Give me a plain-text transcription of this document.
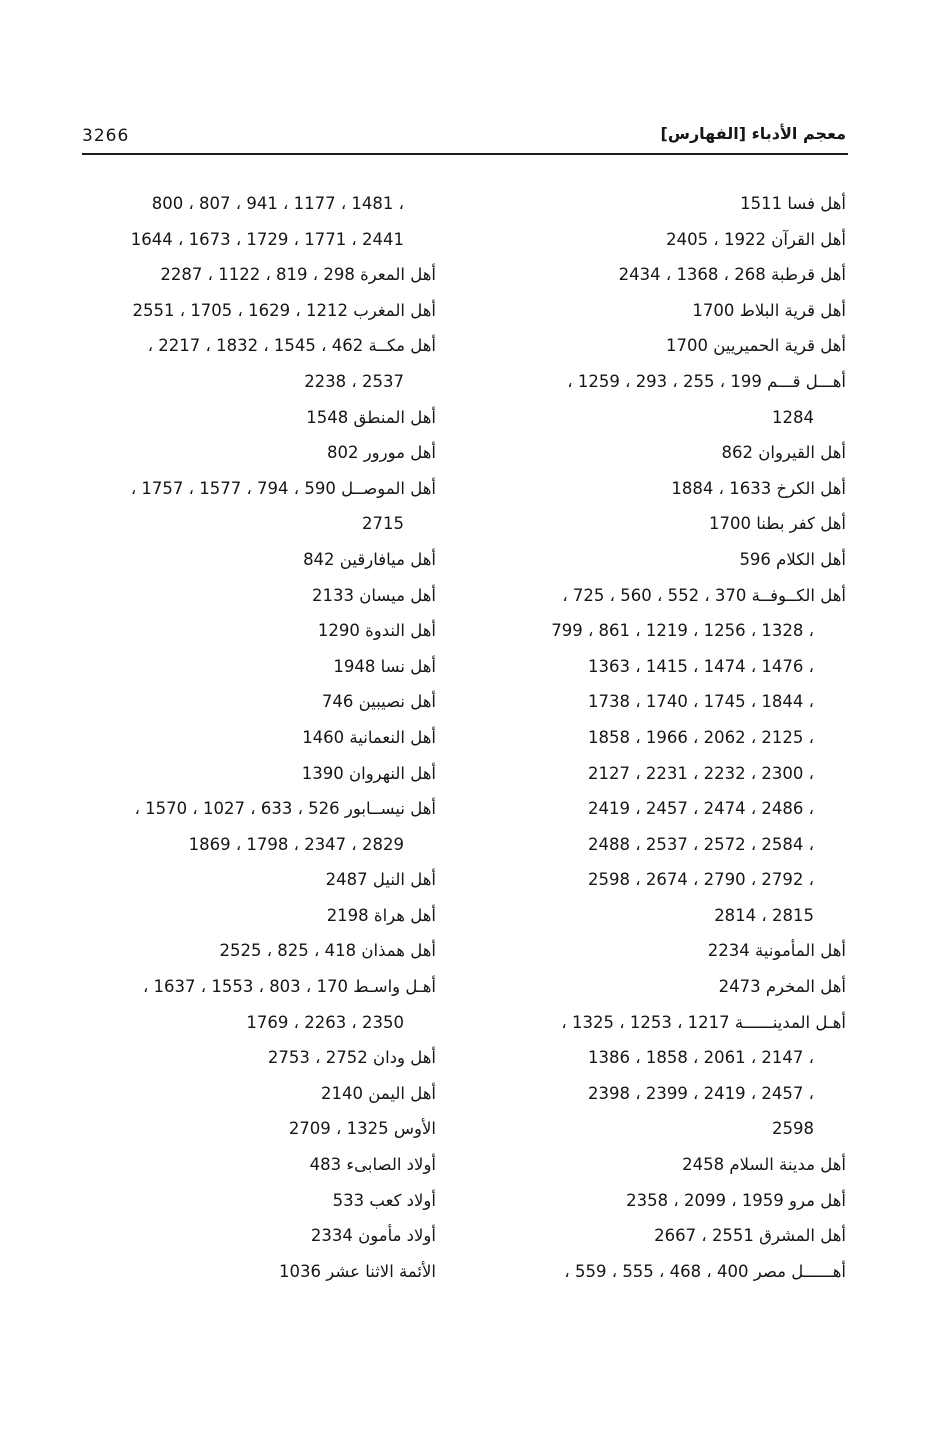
3266	معجم الأدباء [الفهارس]
أهل فسا 1511
أهل القرآن 1922 ، 2405
أهل قرطبة 268 ، 1368 ، 2434
أهل قرية البلاط 1700
أهل قرية الحميريين 1700
أهـــل قـــم 199 ، 255 ، 293 ، 1259 ،
1284
أهل القيروان 862
أهل الكرخ 1633 ، 1884
أهل كفر بطنا 1700
أهل الكلام 596
أهل الكــوفــة 370 ، 552 ، 560 ، 725 ،
799 ، 861 ، 1219 ، 1256 ، 1328 ،
1363 ، 1415 ، 1474 ، 1476 ،
1738 ، 1740 ، 1745 ، 1844 ،
1858 ، 1966 ، 2062 ، 2125 ،
2127 ، 2231 ، 2232 ، 2300 ،
2419 ، 2457 ، 2474 ، 2486 ،
2488 ، 2537 ، 2572 ، 2584 ،
2598 ، 2674 ، 2790 ، 2792 ،
2814 ، 2815
أهل المأمونية 2234
أهل المخرم 2473
أهـل المدينــــــة 1217 ، 1253 ، 1325 ،
1386 ، 1858 ، 2061 ، 2147 ،
2398 ، 2399 ، 2419 ، 2457 ،
2598
أهل مدينة السلام 2458
أهل مرو 1959 ، 2099 ، 2358
أهل المشرق 2551 ، 2667
أهــــــل مصر 400 ، 468 ، 555 ، 559 ،
800 ، 807 ، 941 ، 1177 ، 1481 ،
1644 ، 1673 ، 1729 ، 1771 ، 2441
أهل المعرة 298 ، 819 ، 1122 ، 2287
أهل المغرب 1212 ، 1629 ، 1705 ، 2551
أهل مكــة 462 ، 1545 ، 1832 ، 2217 ،
2238 ، 2537
أهل المنطق 1548
أهل مورور 802
أهل الموصــل 590 ، 794 ، 1577 ، 1757 ،
2715
أهل ميافارقين 842
أهل ميسان 2133
أهل الندوة 1290
أهل نسا 1948
أهل نصيبين 746
أهل النعمانية 1460
أهل النهروان 1390
أهل نيســابور 526 ، 633 ، 1027 ، 1570 ،
1869 ، 1798 ، 2347 ، 2829
أهل النيل 2487
أهل هراة 2198
أهل همذان 418 ، 825 ، 2525
أهـل واسـط 170 ، 803 ، 1553 ، 1637 ،
1769 ، 2263 ، 2350
أهل ودان 2752 ، 2753
أهل اليمن 2140
الأوس 1325 ، 2709
أولاد الصابىء 483
أولاد كعب 533
أولاد مأمون 2334
الأئمة الاثنا عشر 1036
